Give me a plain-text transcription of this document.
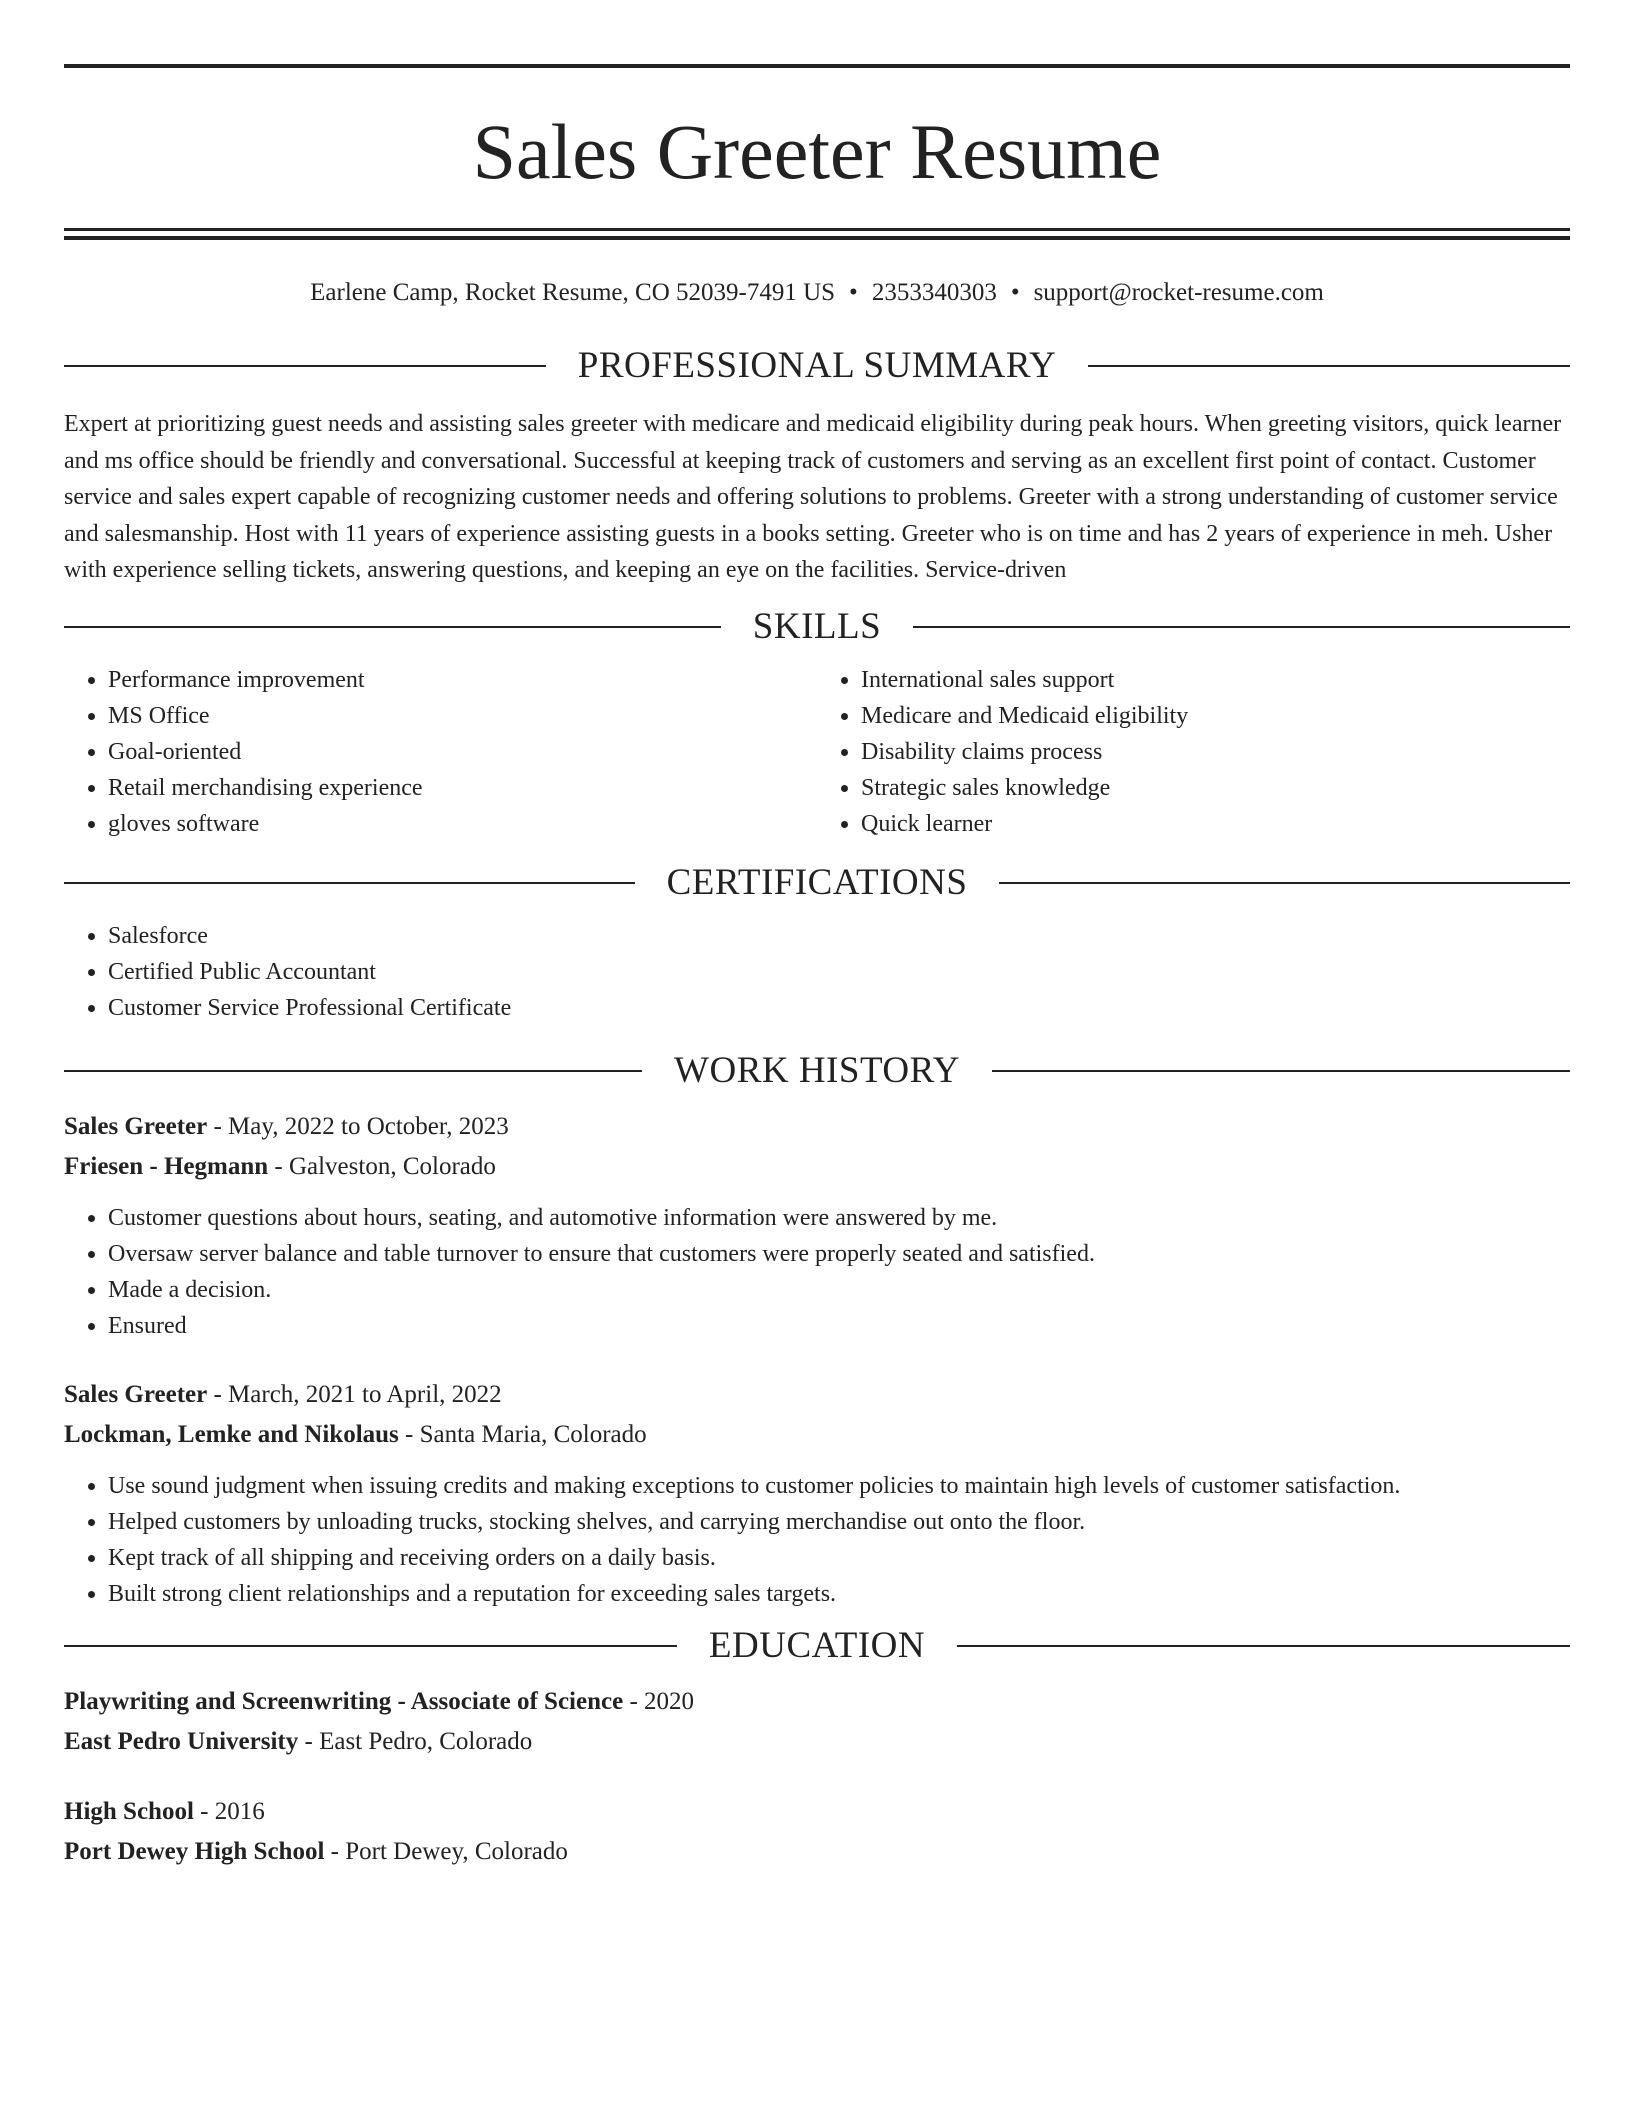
Sales Greeter Resume
Earlene Camp, Rocket Resume, CO 52039-7491 US • 2353340303 • support@rocket-resume.com
PROFESSIONAL SUMMARY
Expert at prioritizing guest needs and assisting sales greeter with medicare and medicaid eligibility during peak hours. When greeting visitors, quick learner and ms office should be friendly and conversational. Successful at keeping track of customers and serving as an excellent first point of contact. Customer service and sales expert capable of recognizing customer needs and offering solutions to problems. Greeter with a strong understanding of customer service and salesmanship. Host with 11 years of experience assisting guests in a books setting. Greeter who is on time and has 2 years of experience in meh. Usher with experience selling tickets, answering questions, and keeping an eye on the facilities. Service-driven
SKILLS
• Performance improvement
• MS Office
• Goal-oriented
• Retail merchandising experience
• gloves software
• International sales support
• Medicare and Medicaid eligibility
• Disability claims process
• Strategic sales knowledge
• Quick learner
CERTIFICATIONS
• Salesforce
• Certified Public Accountant
• Customer Service Professional Certificate
WORK HISTORY
Sales Greeter - May, 2022 to October, 2023
Friesen - Hegmann - Galveston, Colorado
• Customer questions about hours, seating, and automotive information were answered by me.
• Oversaw server balance and table turnover to ensure that customers were properly seated and satisfied.
• Made a decision.
• Ensured
Sales Greeter - March, 2021 to April, 2022
Lockman, Lemke and Nikolaus - Santa Maria, Colorado
• Use sound judgment when issuing credits and making exceptions to customer policies to maintain high levels of customer satisfaction.
• Helped customers by unloading trucks, stocking shelves, and carrying merchandise out onto the floor.
• Kept track of all shipping and receiving orders on a daily basis.
• Built strong client relationships and a reputation for exceeding sales targets.
EDUCATION
Playwriting and Screenwriting - Associate of Science - 2020
East Pedro University - East Pedro, Colorado
High School - 2016
Port Dewey High School - Port Dewey, Colorado
